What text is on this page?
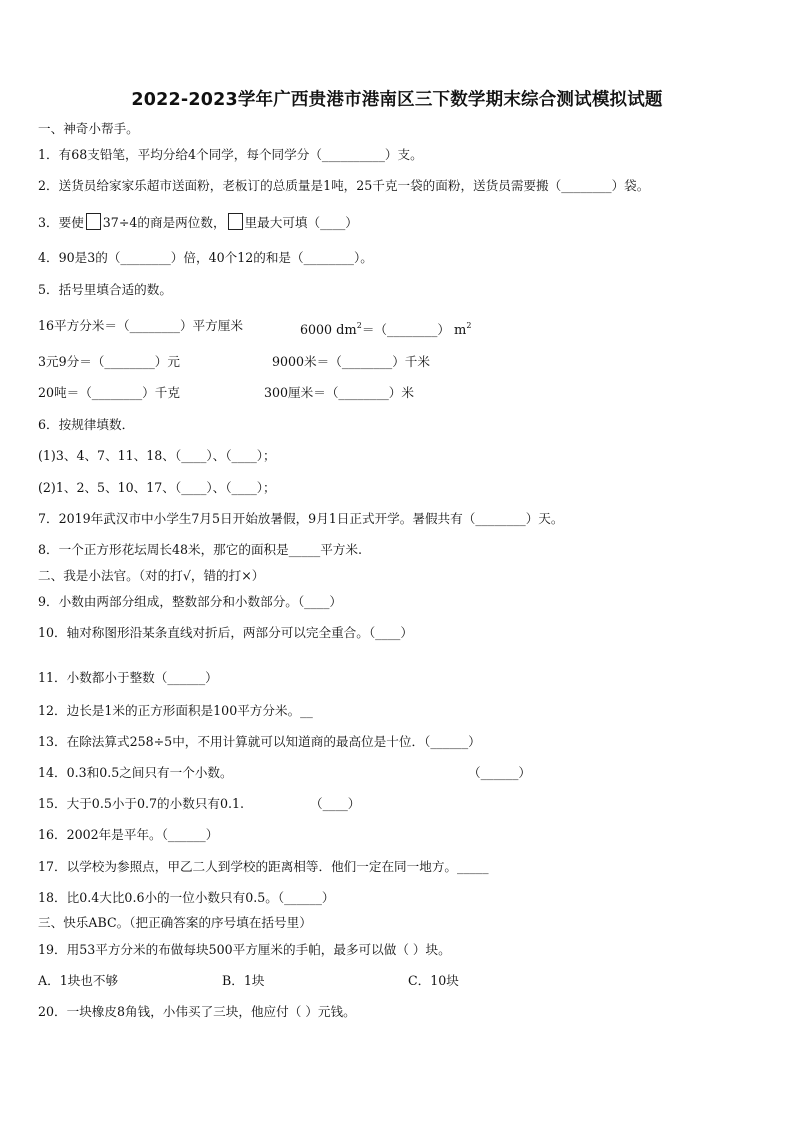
2022-2023学年广西贵港市港南区三下数学期末综合测试模拟试题
一、神奇小帮手。
1．有68支铅笔，平均分给4个同学，每个同学分（__________）支。
2．送货员给家家乐超市送面粉，老板订的总质量是1吨，25千克一袋的面粉，送货员需要搬（________）袋。
3．要使 37÷4的商是两位数， 里最大可填（____）
4．90是3的（________）倍，40个12的和是（________）。
5．括号里填合适的数。
16平方分米＝（________）平方厘米	6000 $dm^2=(\_\_\_\_\_\_\_\_)$ $m^2$
3元9分＝（________）元	9000米＝（________）千米
20吨＝（________）千克	300厘米＝（________）米
6．按规律填数．
(1)3、4、7、11、18、（____）、（____）；
(2)1、2、5、10、17、（____）、（____）；
7．2019年武汉市中小学生7月5日开始放暑假，9月1日正式开学。暑假共有（________）天。
8．一个正方形花坛周长48米，那它的面积是_____平方米.
二、我是小法官。（对的打√，错的打×）
9．小数由两部分组成，整数部分和小数部分。（____）
10．轴对称图形沿某条直线对折后，两部分可以完全重合。（____）
11．小数都小于整数（______）
12．边长是1米的正方形面积是100平方分米。__
13．在除法算式258÷5中，不用计算就可以知道商的最高位是十位．（______）
14．0.3和0.5之间只有一个小数。	（______）
15．大于0.5小于0.7的小数只有0.1.	（____）
16．2002年是平年。（______）
17．以学校为参照点，甲乙二人到学校的距离相等．他们一定在同一地方。_____
18．比0.4大比0.6小的一位小数只有0.5。（______）
三、快乐ABC。（把正确答案的序号填在括号里）
19．用53平方分米的布做每块500平方厘米的手帕，最多可以做（ ）块。
A．1块也不够	B．1块	C．10块
20．一块橡皮8角钱，小伟买了三块，他应付（ ）元钱。
